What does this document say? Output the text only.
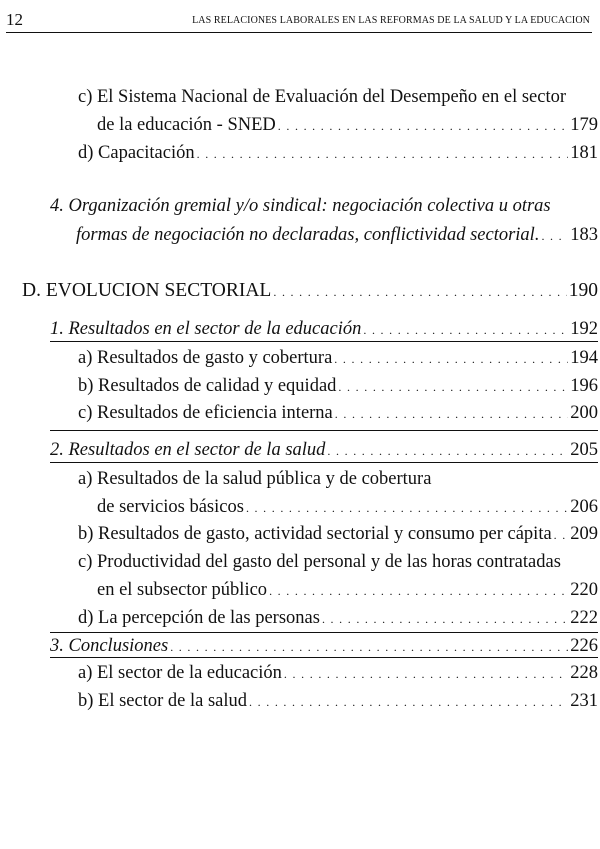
12	LAS RELACIONES LABORALES EN LAS REFORMAS DE LA SALUD Y LA EDUCACION
c) El Sistema Nacional de Evaluación del Desempeño en el sector
de la educación - SNED . . .	179
d) Capacitación . . .	181
4. Organización gremial y/o sindical: negociación colectiva u otras
formas de negociación no declaradas, conflictividad sectorial. . . . 183
D. EVOLUCION SECTORIAL . . .	190
1. Resultados en el sector de la educación . . .	192
a) Resultados de gasto y cobertura . . .	194
b) Resultados de calidad y equidad . . .	196
c) Resultados de eficiencia interna . . .	200
2. Resultados en el sector de la salud . . .	205
a) Resultados de la salud pública y de cobertura
de servicios básicos . . .	206
b) Resultados de gasto, actividad sectorial y consumo per cápita . . . 209
c) Productividad del gasto del personal y de las horas contratadas
en el subsector público . . .	220
d) La percepción de las personas . . .	222
3. Conclusiones . . .	226
a) El sector de la educación . . .	228
b) El sector de la salud . . .	231
